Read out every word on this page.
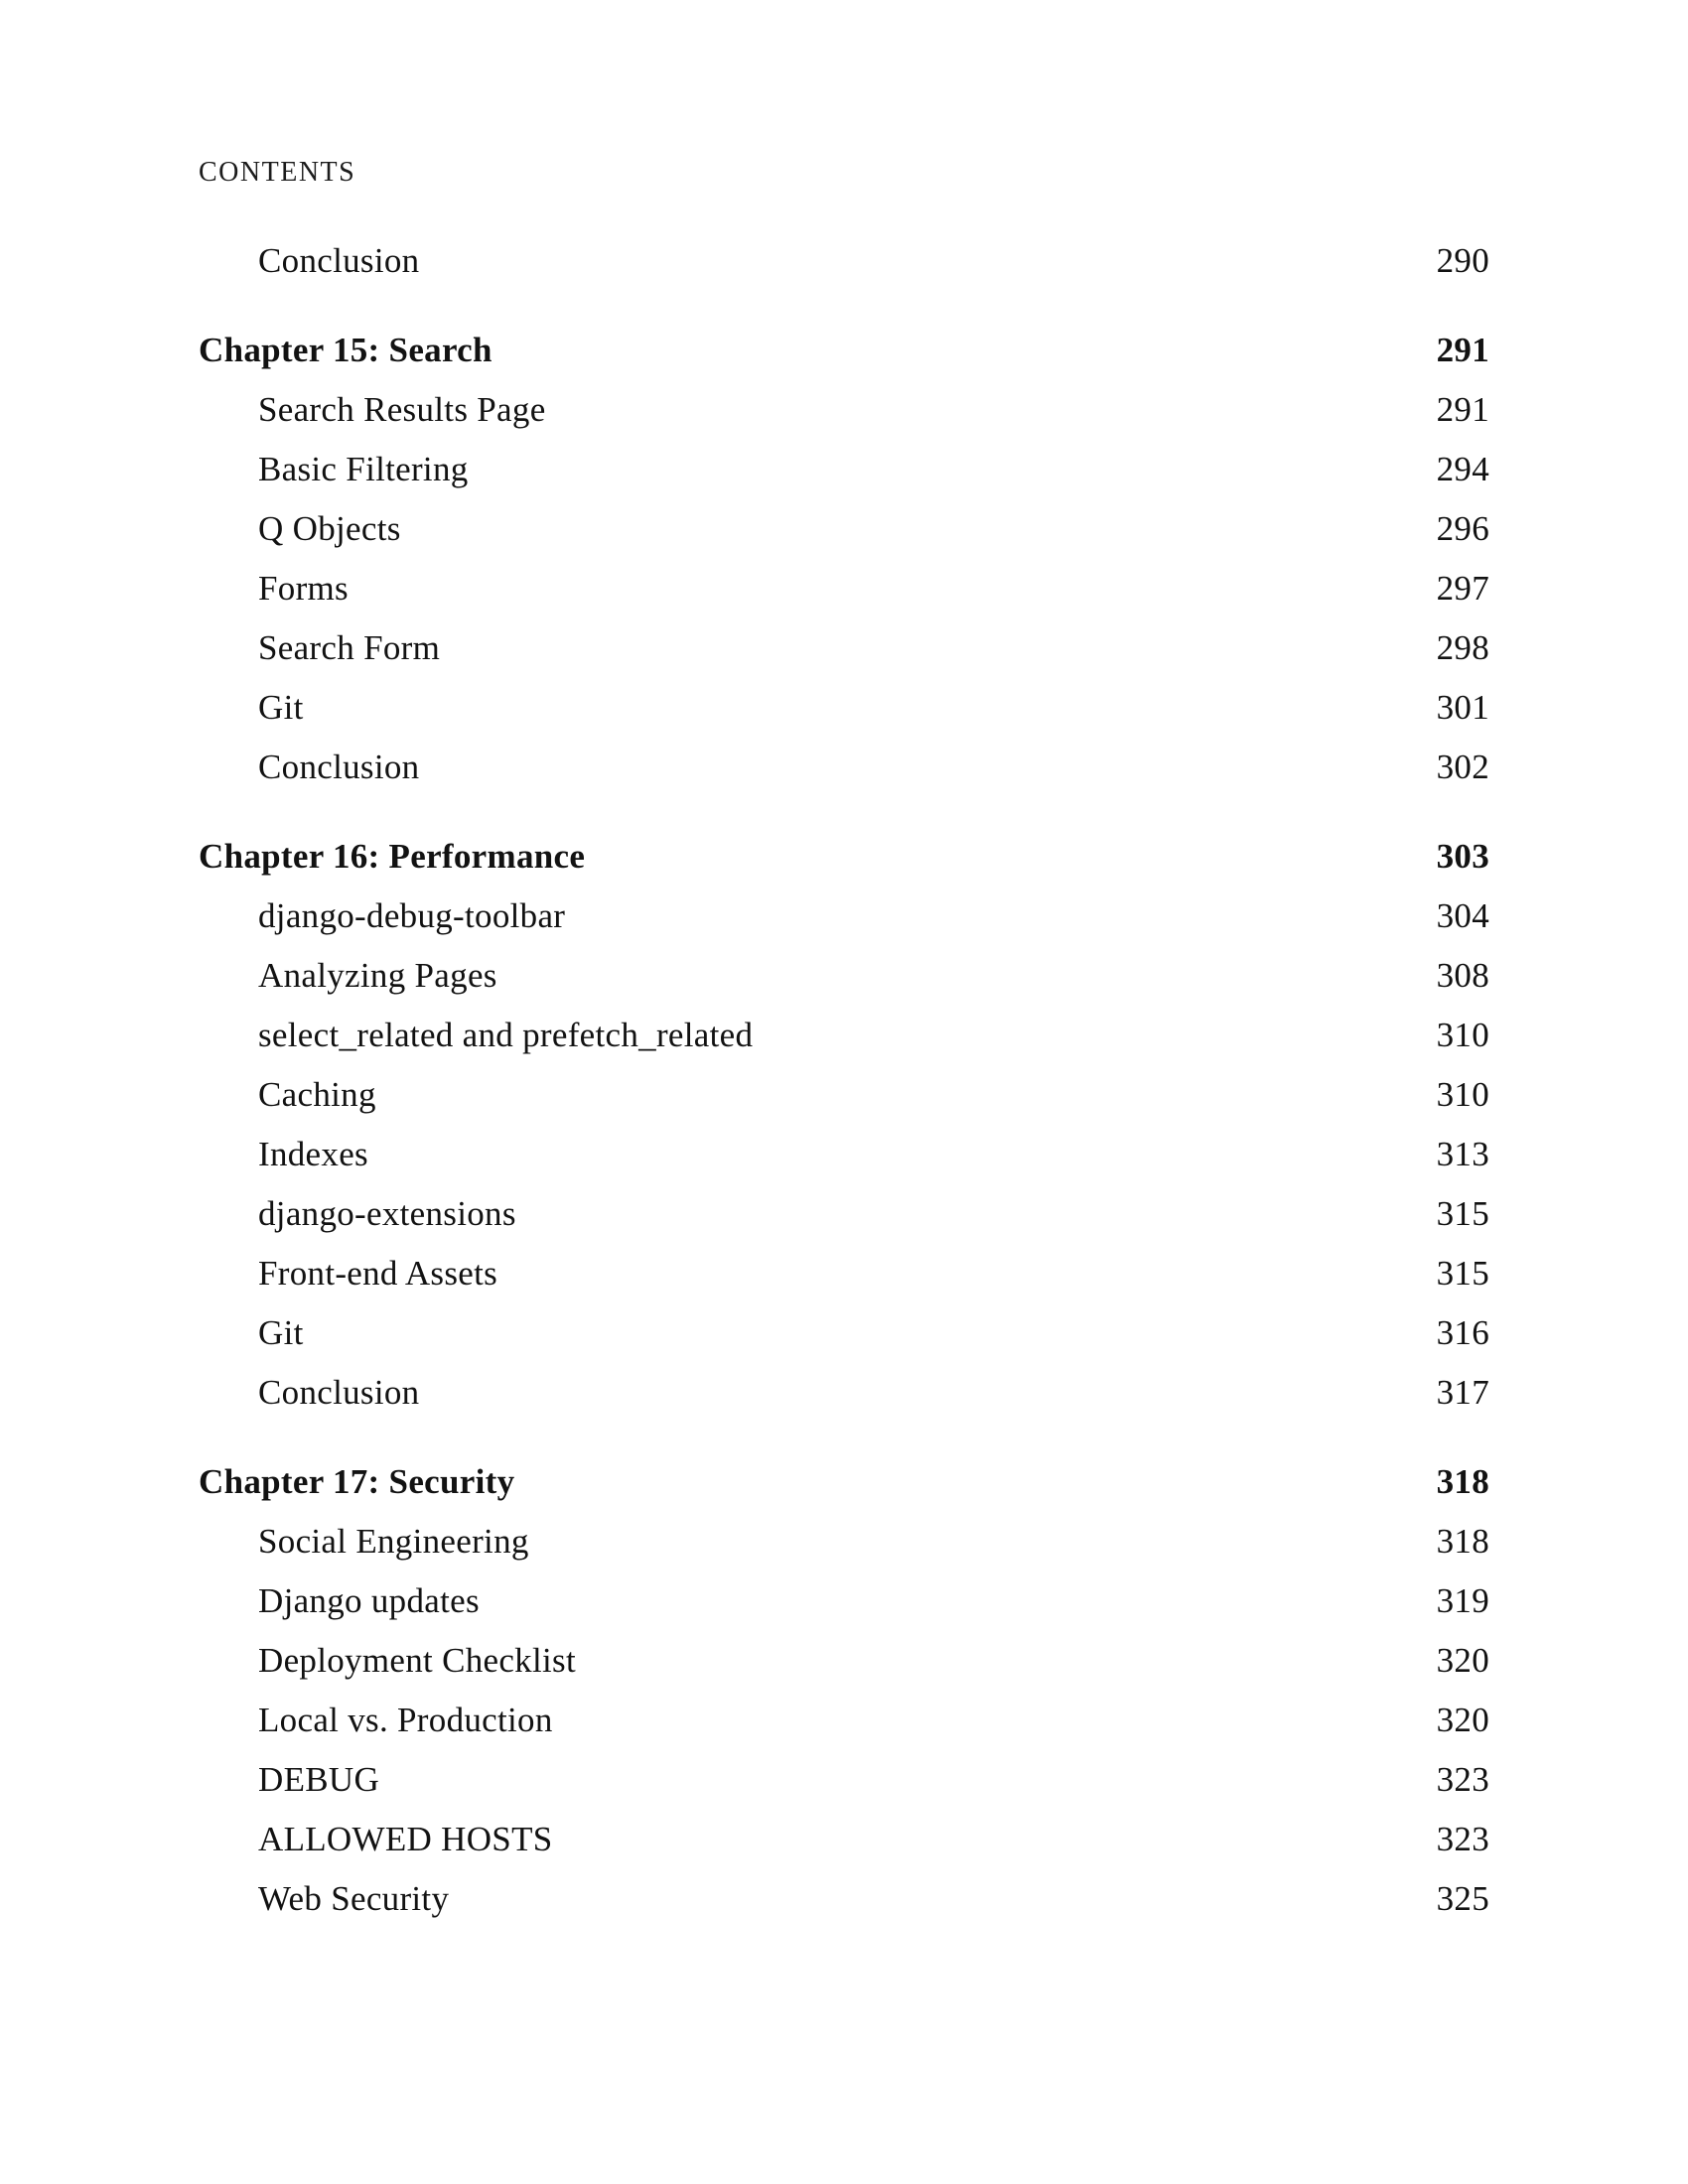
CONTENTS
Conclusion	290
Chapter 15: Search	291
Search Results Page	291
Basic Filtering	294
Q Objects	296
Forms	297
Search Form	298
Git	301
Conclusion	302
Chapter 16: Performance	303
django-debug-toolbar	304
Analyzing Pages	308
select_related and prefetch_related	310
Caching	310
Indexes	313
django-extensions	315
Front-end Assets	315
Git	316
Conclusion	317
Chapter 17: Security	318
Social Engineering	318
Django updates	319
Deployment Checklist	320
Local vs. Production	320
DEBUG	323
ALLOWED HOSTS	323
Web Security	325
